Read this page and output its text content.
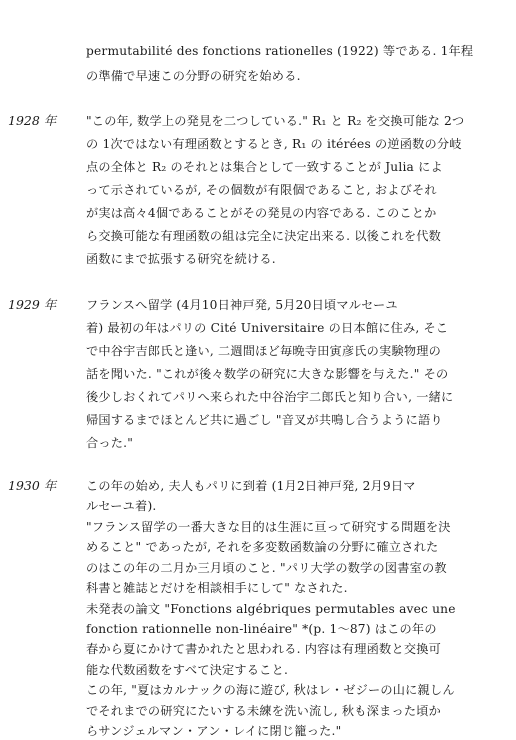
permutabilité des fonctions rationelles (1922) 等である. 1年程
の準備で早速この分野の研究を始める.
1928 年	"この年, 数学上の発見を二つしている." R₁ と R₂ を交換可能な 2つ
の 1次ではない有理函数とするとき, R₁ の itérées の逆函数の分岐
点の全体と R₂ のそれとは集合として一致することが Julia によ
って示されているが, その個数が有限個であること, およびそれ
が実は高々4個であることがその発見の内容である. このことか
ら交換可能な有理函数の組は完全に決定出来る. 以後これを代数
函数にまで拡張する研究を続ける.
1929 年	フランスへ留学 (4月10日神戸発, 5月20日頃マルセーユ
着) 最初の年はパリの Cité Universitaire の日本館に住み, そこ
で中谷宇吉郎氏と逢い, 二週間ほど毎晩寺田寅彦氏の実験物理の
話を聞いた. "これが後々数学の研究に大きな影響を与えた." その
後少しおくれてパリへ来られた中谷治宇二郎氏と知り合い, 一緒に
帰国するまでほとんど共に過ごし "音叉が共鳴し合うように語り
合った."
1930 年	この年の始め, 夫人もパリに到着 (1月2日神戸発, 2月9日マ
ルセーユ着).
"フランス留学の一番大きな目的は生涯に亘って研究する問題を決
めること" であったが, それを多変数函数論の分野に確立された
のはこの年の二月か三月頃のこと. "パリ大学の数学の図書室の教
科書と雑誌とだけを相談相手にして" なされた.
未発表の論文 "Fonctions algébriques permutables avec une
fonction rationnelle non-linéaire" *(p. 1～87) はこの年の
春から夏にかけて書かれたと思われる. 内容は有理函数と交換可
能な代数函数をすべて決定すること.
この年, "夏はカルナックの海に遊び, 秋はレ・ゼジーの山に親しん
でそれまでの研究にたいする未練を洗い流し, 秋も深まった頃か
らサンジェルマン・アン・レイに閉じ籠った."
